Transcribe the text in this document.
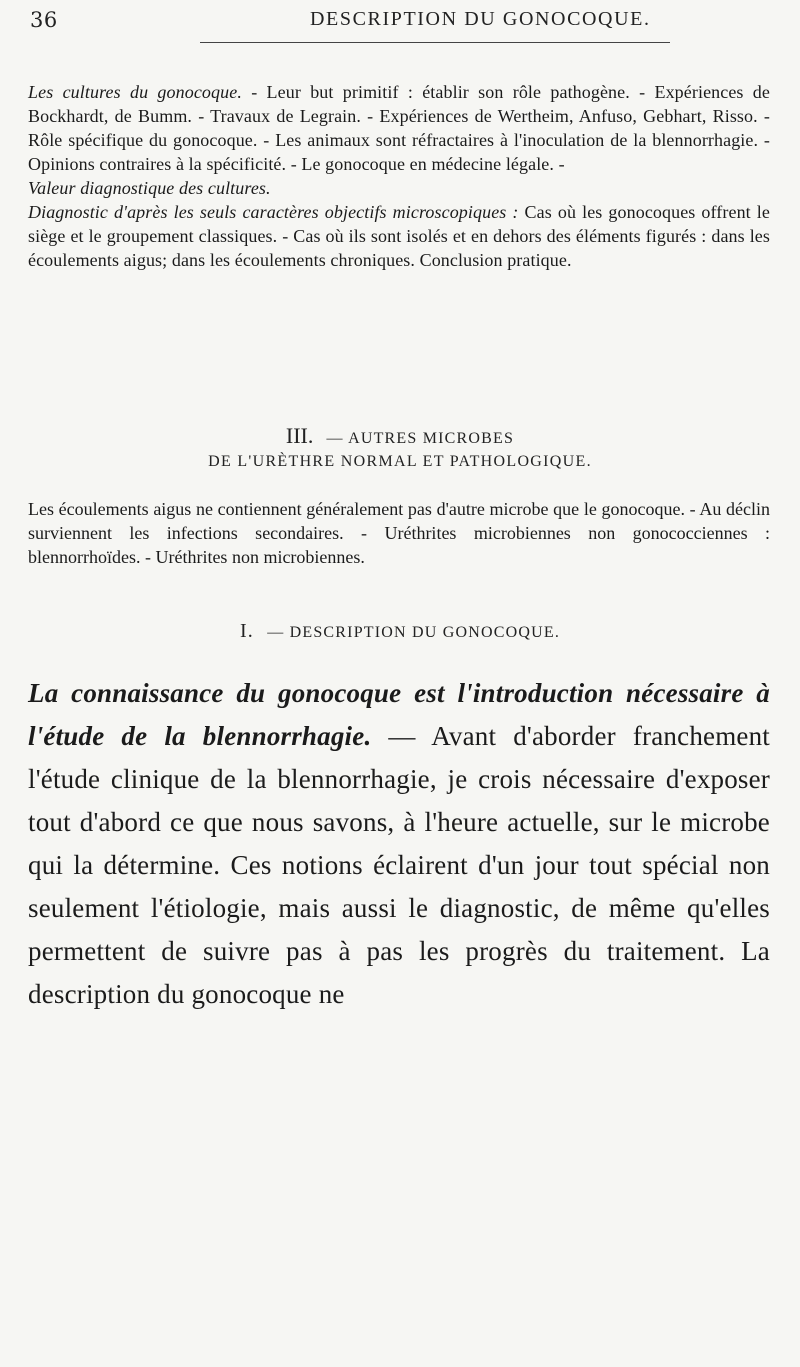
36	DESCRIPTION DU GONOCOQUE.

Les cultures du gonocoque. - Leur but primitif : établir son rôle pathogène. - Expériences de Bockhardt, de Bumm. - Travaux de Legrain. - Expériences de Wertheim, Anfuso, Gebhart, Risso. - Rôle spécifique du gonocoque. - Les animaux sont réfractaires à l'inoculation de la blennorrhagie. - Opinions contraires à la spécificité. - Le gonocoque en médecine légale. -

Valeur diagnostique des cultures.

Diagnostic d'après les seuls caractères objectifs microscopiques : Cas où les gonocoques offrent le siège et le groupement classiques. - Cas où ils sont isolés et en dehors des éléments figurés : dans les écoulements aigus; dans les écoulements chroniques. Conclusion pratique.

III. — AUTRES MICROBES
DE L'URÈTHRE NORMAL ET PATHOLOGIQUE.

Les écoulements aigus ne contiennent généralement pas d'autre microbe que le gonocoque. - Au déclin surviennent les infections secondaires. - Uréthrites microbiennes non gonococciennes : blennorrhoïdes. - Uréthrites non microbiennes.

I. — DESCRIPTION DU GONOCOQUE.

La connaissance du gonocoque est l'introduction nécessaire à l'étude de la blennorrhagie. — Avant d'aborder franchement l'étude clinique de la blennorrhagie, je crois nécessaire d'exposer tout d'abord ce que nous savons, à l'heure actuelle, sur le microbe qui la détermine. Ces notions éclairent d'un jour tout spécial non seulement l'étiologie, mais aussi le diagnostic, de même qu'elles permettent de suivre pas à pas les progrès du traitement. La description du gonocoque ne
